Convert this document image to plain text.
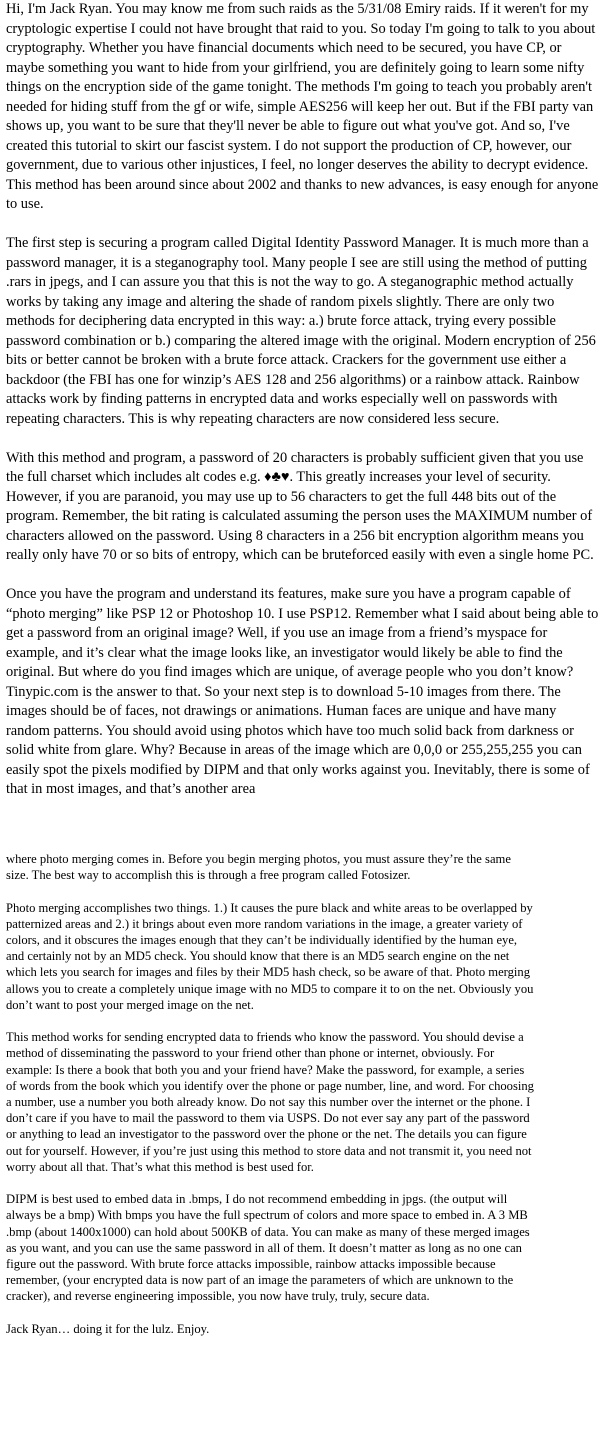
Hi, I'm Jack Ryan. You may know me from such raids as the 5/31/08 Emiry raids. If it weren't for my cryptologic expertise I could not have brought that raid to you. So today I'm going to talk to you about cryptography. Whether you have financial documents which need to be secured, you have CP, or maybe something you want to hide from your girlfriend, you are definitely going to learn some nifty things on the encryption side of the game tonight. The methods I'm going to teach you probably aren't needed for hiding stuff from the gf or wife, simple AES256 will keep her out. But if the FBI party van shows up, you want to be sure that they'll never be able to figure out what you've got. And so, I've created this tutorial to skirt our fascist system. I do not support the production of CP, however, our government, due to various other injustices, I feel, no longer deserves the ability to decrypt evidence. This method has been around since about 2002 and thanks to new advances, is easy enough for anyone to use.

The first step is securing a program called Digital Identity Password Manager. It is much more than a password manager, it is a steganography tool. Many people I see are still using the method of putting .rars in jpegs, and I can assure you that this is not the way to go. A steganographic method actually works by taking any image and altering the shade of random pixels slightly. There are only two methods for deciphering data encrypted in this way: a.) brute force attack, trying every possible password combination or b.) comparing the altered image with the original. Modern encryption of 256 bits or better cannot be broken with a brute force attack. Crackers for the government use either a backdoor (the FBI has one for winzip’s AES 128 and 256 algorithms) or a rainbow attack. Rainbow attacks work by finding patterns in encrypted data and works especially well on passwords with repeating characters. This is why repeating characters are now considered less secure.

With this method and program, a password of 20 characters is probably sufficient given that you use the full charset which includes alt codes e.g. ♦♣♥. This greatly increases your level of security. However, if you are paranoid, you may use up to 56 characters to get the full 448 bits out of the program. Remember, the bit rating is calculated assuming the person uses the MAXIMUM number of characters allowed on the password. Using 8 characters in a 256 bit encryption algorithm means you really only have 70 or so bits of entropy, which can be bruteforced easily with even a single home PC.

Once you have the program and understand its features, make sure you have a program capable of “photo merging” like PSP 12 or Photoshop 10. I use PSP12. Remember what I said about being able to get a password from an original image? Well, if you use an image from a friend’s myspace for example, and it’s clear what the image looks like, an investigator would likely be able to find the original. But where do you find images which are unique, of average people who you don’t know? Tinypic.com is the answer to that. So your next step is to download 5-10 images from there. The images should be of faces, not drawings or animations. Human faces are unique and have many random patterns. You should avoid using photos which have too much solid back from darkness or solid white from glare. Why? Because in areas of the image which are 0,0,0 or 255,255,255 you can easily spot the pixels modified by DIPM and that only works against you. Inevitably, there is some of that in most images, and that’s another area

where photo merging comes in. Before you begin merging photos, you must assure they’re the same size. The best way to accomplish this is through a free program called Fotosizer.

Photo merging accomplishes two things. 1.) It causes the pure black and white areas to be overlapped by patternized areas and 2.) it brings about even more random variations in the image, a greater variety of colors, and it obscures the images enough that they can’t be individually identified by the human eye, and certainly not by an MD5 check. You should know that there is an MD5 search engine on the net which lets you search for images and files by their MD5 hash check, so be aware of that. Photo merging allows you to create a completely unique image with no MD5 to compare it to on the net. Obviously you don’t want to post your merged image on the net.

This method works for sending encrypted data to friends who know the password. You should devise a method of disseminating the password to your friend other than phone or internet, obviously. For example: Is there a book that both you and your friend have? Make the password, for example, a series of words from the book which you identify over the phone or page number, line, and word. For choosing a number, use a number you both already know. Do not say this number over the internet or the phone. I don’t care if you have to mail the password to them via USPS. Do not ever say any part of the password or anything to lead an investigator to the password over the phone or the net. The details you can figure out for yourself. However, if you’re just using this method to store data and not transmit it, you need not worry about all that. That’s what this method is best used for.

DIPM is best used to embed data in .bmps, I do not recommend embedding in jpgs. (the output will always be a bmp) With bmps you have the full spectrum of colors and more space to embed in. A 3 MB .bmp (about 1400x1000) can hold about 500KB of data. You can make as many of these merged images as you want, and you can use the same password in all of them. It doesn’t matter as long as no one can figure out the password. With brute force attacks impossible, rainbow attacks impossible because remember, (your encrypted data is now part of an image the parameters of which are unknown to the cracker), and reverse engineering impossible, you now have truly, truly, secure data.

Jack Ryan… doing it for the lulz. Enjoy.
